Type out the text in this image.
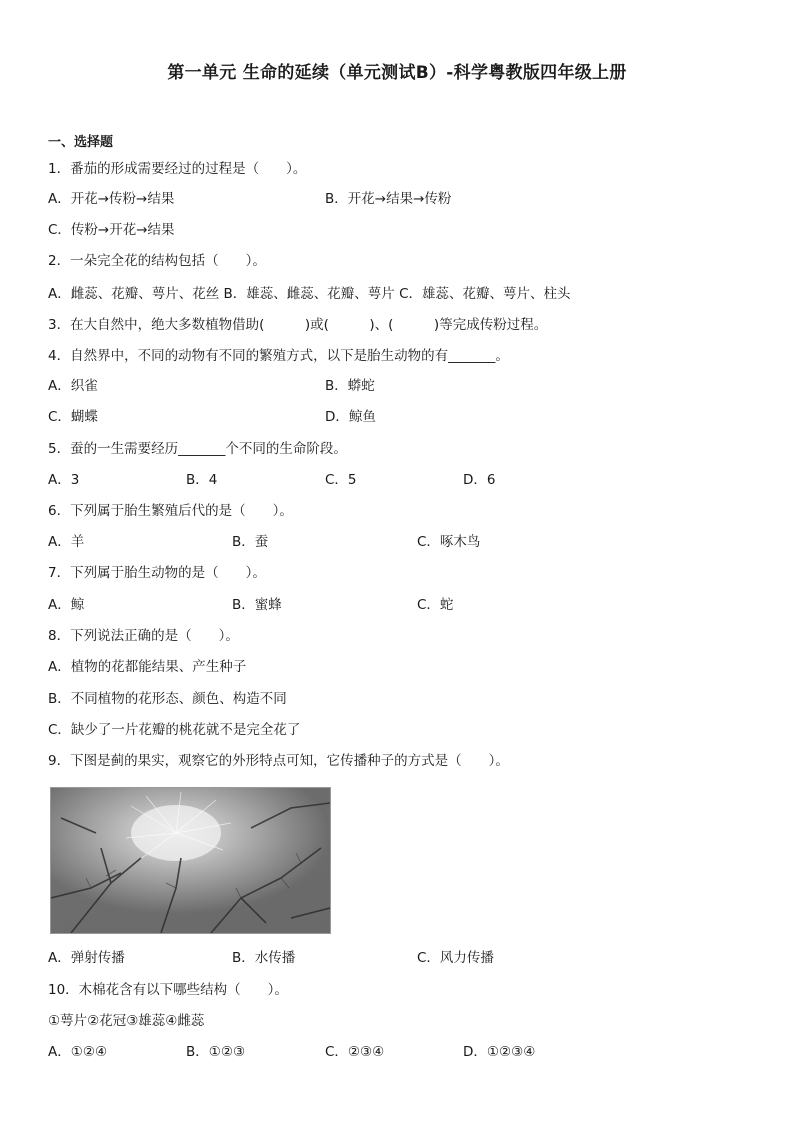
第一单元 生命的延续（单元测试B）-科学粤教版四年级上册
一、选择题
1．番茄的形成需要经过的过程是（　　）。
A．开花→传粉→结果	B．开花→结果→传粉
C．传粉→开花→结果
2．一朵完全花的结构包括（　　）。
A．雌蕊、花瓣、萼片、花丝 B．雄蕊、雌蕊、花瓣、萼片 C．雄蕊、花瓣、萼片、柱头
3．在大自然中，绝大多数植物借助(　　　)或(　　　)、(　　　)等完成传粉过程。
4．自然界中，不同的动物有不同的繁殖方式，以下是胎生动物的有_______。
A．织雀	B．蟒蛇
C．蝴蝶	D．鲸鱼
5．蚕的一生需要经历_______个不同的生命阶段。
A．3	B．4	C．5	D．6
6．下列属于胎生繁殖后代的是（　　）。
A．羊	B．蚕	C．啄木鸟
7．下列属于胎生动物的是（　　）。
A．鲸	B．蜜蜂	C．蛇
8．下列说法正确的是（　　）。
A．植物的花都能结果、产生种子
B．不同植物的花形态、颜色、构造不同
C．缺少了一片花瓣的桃花就不是完全花了
9．下图是蓟的果实，观察它的外形特点可知，它传播种子的方式是（　　）。
A．弹射传播	B．水传播	C．风力传播
10．木棉花含有以下哪些结构（　　）。
①萼片②花冠③雄蕊④雌蕊
A．①②④	B．①②③	C．②③④	D．①②③④
